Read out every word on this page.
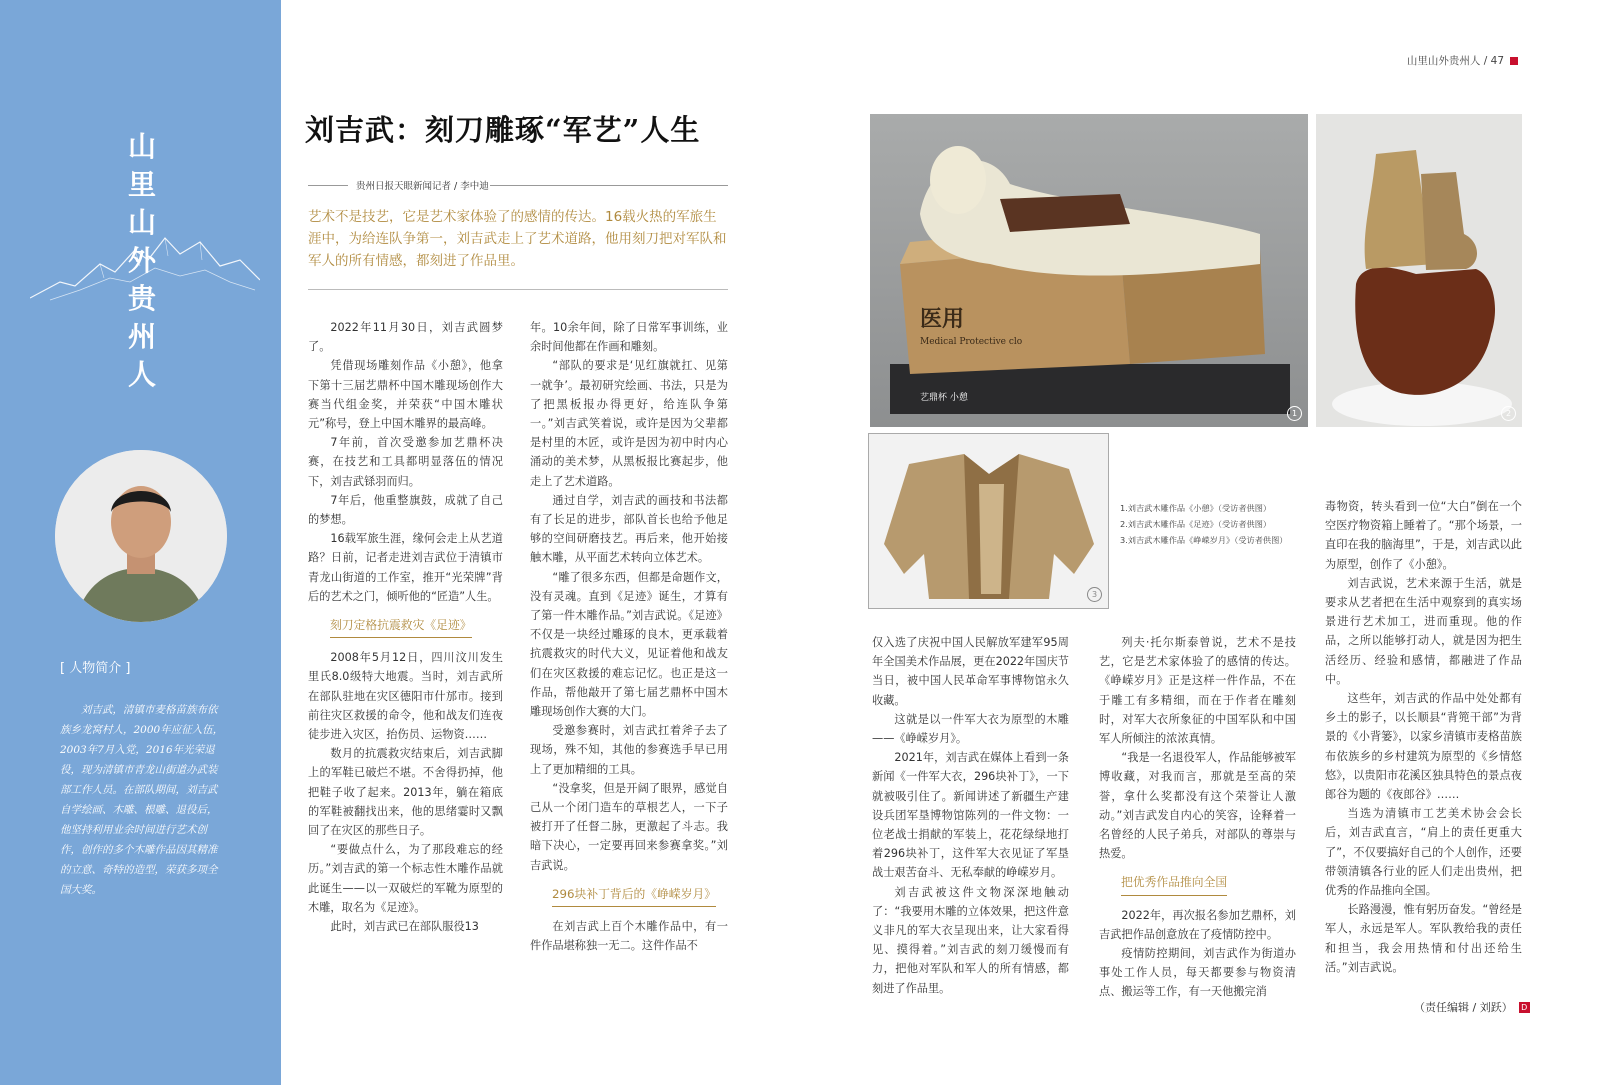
山
里
山
外
贵
州
人
[ 人物简介 ]
刘吉武，清镇市麦格苗族布依族乡龙窝村人，2000年应征入伍，2003年7月入党，2016年光荣退役，现为清镇市青龙山街道办武装部工作人员。在部队期间，刘吉武自学绘画、木雕、根雕、退役后，他坚持利用业余时间进行艺术创作，创作的多个木雕作品因其精准的立意、奇特的造型，荣获多项全国大奖。
山里山外贵州人 / 47
刘吉武：刻刀雕琢“军艺”人生
贵州日报天眼新闻记者 / 李中迪
艺术不是技艺，它是艺术家体验了的感情的传达。16载火热的军旅生涯中，为给连队争第一，刘吉武走上了艺术道路，他用刻刀把对军队和军人的所有情感，都刻进了作品里。

2022年11月30日，刘吉武圆梦了。

凭借现场雕刻作品《小憩》，他拿下第十三届艺鼎杯中国木雕现场创作大赛当代组金奖，并荣获“中国木雕状元”称号，登上中国木雕界的最高峰。

7年前，首次受邀参加艺鼎杯决赛，在技艺和工具都明显落伍的情况下，刘吉武铩羽而归。

7年后，他重整旗鼓，成就了自己的梦想。

16载军旅生涯，缘何会走上从艺道路？日前，记者走进刘吉武位于清镇市青龙山街道的工作室，推开“光荣牌”背后的艺术之门，倾听他的“匠造”人生。

刻刀定格抗震救灾《足迹》

2008年5月12日，四川汶川发生里氏8.0级特大地震。当时，刘吉武所在部队驻地在灾区德阳市什邡市。接到前往灾区救援的命令，他和战友们连夜徒步进入灾区，抬伤员、运物资……

数月的抗震救灾结束后，刘吉武脚上的军鞋已破烂不堪。不舍得扔掉，他把鞋子收了起来。2013年，躺在箱底的军鞋被翻找出来，他的思绪霎时又飘回了在灾区的那些日子。

“要做点什么，为了那段难忘的经历。”刘吉武的第一个标志性木雕作品就此诞生——以一双破烂的军靴为原型的木雕，取名为《足迹》。

此时，刘吉武已在部队服役13

年。10余年间，除了日常军事训练，业余时间他都在作画和雕刻。

“部队的要求是‘见红旗就扛、见第一就争’。最初研究绘画、书法，只是为了把黑板报办得更好，给连队争第一。”刘吉武笑着说，或许是因为父辈都是村里的木匠，或许是因为初中时内心涌动的美术梦，从黑板报比赛起步，他走上了艺术道路。

通过自学，刘吉武的画技和书法都有了长足的进步，部队首长也给予他足够的空间研磨技艺。再后来，他开始接触木雕，从平面艺术转向立体艺术。

“雕了很多东西，但都是命题作文，没有灵魂。直到《足迹》诞生，才算有了第一件木雕作品。”刘吉武说。《足迹》不仅是一块经过雕琢的良木，更承载着抗震救灾的时代大义，见证着他和战友们在灾区救援的难忘记忆。也正是这一作品，帮他敲开了第七届艺鼎杯中国木雕现场创作大赛的大门。

受邀参赛时，刘吉武扛着斧子去了现场，殊不知，其他的参赛选手早已用上了更加精细的工具。

“没拿奖，但是开阔了眼界，感觉自己从一个闭门造车的草根艺人，一下子被打开了任督二脉，更激起了斗志。我暗下决心，一定要再回来参赛拿奖。”刘吉武说。

296块补丁背后的《峥嵘岁月》

在刘吉武上百个木雕作品中，有一件作品堪称独一无二。这件作品不

医用
Medical Protective clo
艺鼎杯 小憩
1	2
3
1.刘吉武木雕作品《小憩》（受访者供图）
2.刘吉武木雕作品《足迹》（受访者供图）
3.刘吉武木雕作品《峥嵘岁月》（受访者供图）

仅入选了庆祝中国人民解放军建军95周年全国美术作品展，更在2022年国庆节当日，被中国人民革命军事博物馆永久收藏。

这就是以一件军大衣为原型的木雕——《峥嵘岁月》。

2021年，刘吉武在媒体上看到一条新闻《一件军大衣，296块补丁》，一下就被吸引住了。新闻讲述了新疆生产建设兵团军垦博物馆陈列的一件文物：一位老战士捐献的军装上，花花绿绿地打着296块补丁，这件军大衣见证了军垦战士艰苦奋斗、无私奉献的峥嵘岁月。

刘吉武被这件文物深深地触动了：“我要用木雕的立体效果，把这件意义非凡的军大衣呈现出来，让大家看得见、摸得着。”刘吉武的刻刀缓慢而有力，把他对军队和军人的所有情感，都刻进了作品里。

列夫·托尔斯泰曾说，艺术不是技艺，它是艺术家体验了的感情的传达。《峥嵘岁月》正是这样一件作品，不在于雕工有多精细，而在于作者在雕刻时，对军大衣所象征的中国军队和中国军人所倾注的浓浓真情。

“我是一名退役军人，作品能够被军博收藏，对我而言，那就是至高的荣誉，拿什么奖都没有这个荣誉让人激动。”刘吉武发自内心的笑容，诠释着一名曾经的人民子弟兵，对部队的尊崇与热爱。

把优秀作品推向全国

2022年，再次报名参加艺鼎杯，刘吉武把作品创意放在了疫情防控中。

疫情防控期间，刘吉武作为街道办事处工作人员，每天都要参与物资清点、搬运等工作，有一天他搬完消

毒物资，转头看到一位“大白”倒在一个空医疗物资箱上睡着了。“那个场景，一直印在我的脑海里”，于是，刘吉武以此为原型，创作了《小憩》。

刘吉武说，艺术来源于生活，就是要求从艺者把在生活中观察到的真实场景进行艺术加工，进而重现。他的作品，之所以能够打动人，就是因为把生活经历、经验和感情，都融进了作品中。

这些年，刘吉武的作品中处处都有乡土的影子，以长顺县“背篼干部”为背景的《小背篓》，以家乡清镇市麦格苗族布依族乡的乡村建筑为原型的《乡情悠悠》，以贵阳市花溪区独具特色的景点夜郎谷为题的《夜郎谷》……

当选为清镇市工艺美术协会会长后，刘吉武直言，“肩上的责任更重大了”，不仅要搞好自己的个人创作，还要带领清镇各行业的匠人们走出贵州，把优秀的作品推向全国。

长路漫漫，惟有躬历奋发。“曾经是军人，永远是军人。军队教给我的责任和担当，我会用热情和付出还给生活。”刘吉武说。

（责任编辑 / 刘跃）	D
